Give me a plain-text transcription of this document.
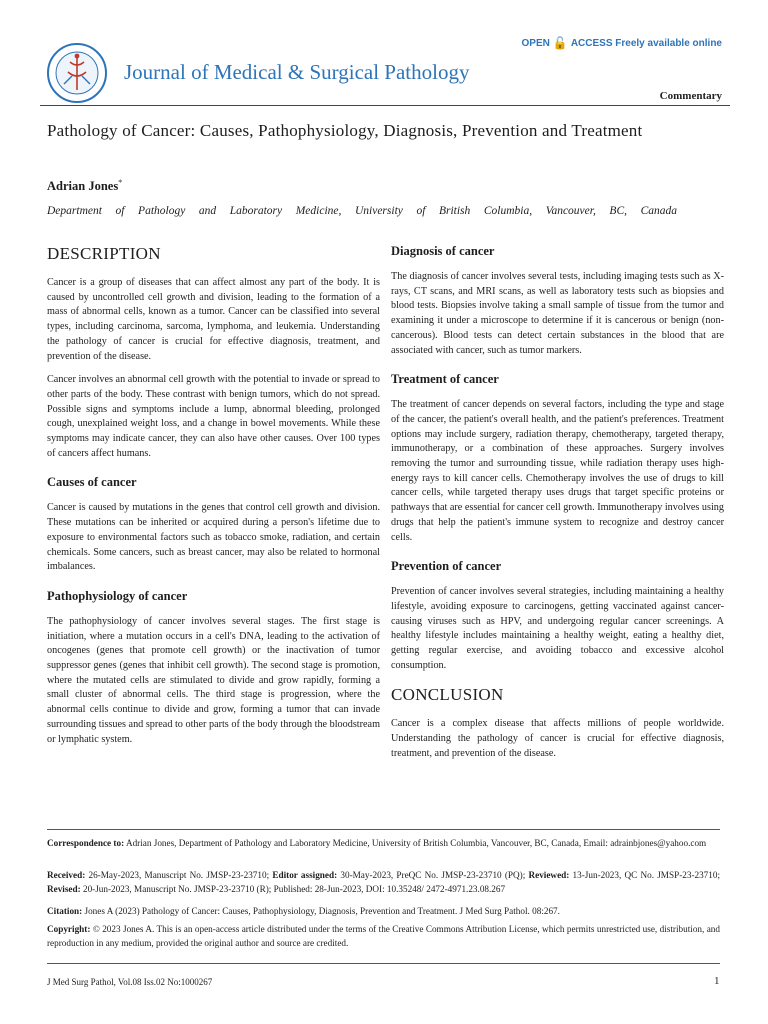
Journal of Medical & Surgical Pathology
OPEN 🔓 ACCESS Freely available online
Commentary
Pathology of Cancer: Causes, Pathophysiology, Diagnosis, Prevention and Treatment
Adrian Jones*
Department of Pathology and Laboratory Medicine, University of British Columbia, Vancouver, BC, Canada
DESCRIPTION

Cancer is a group of diseases that can affect almost any part of the body. It is caused by uncontrolled cell growth and division, leading to the formation of a mass of abnormal cells, known as a tumor. Cancer can be classified into several types, including carcinoma, sarcoma, lymphoma, and leukemia. Understanding the pathology of cancer is crucial for effective diagnosis, treatment, and prevention of the disease.

Cancer involves an abnormal cell growth with the potential to invade or spread to other parts of the body. These contrast with benign tumors, which do not spread. Possible signs and symptoms include a lump, abnormal bleeding, prolonged cough, unexplained weight loss, and a change in bowel movements. While these symptoms may indicate cancer, they can also have other causes. Over 100 types of cancers affect humans.

Causes of cancer

Cancer is caused by mutations in the genes that control cell growth and division. These mutations can be inherited or acquired during a person's lifetime due to exposure to environmental factors such as tobacco smoke, radiation, and certain chemicals. Some cancers, such as breast cancer, may also be related to hormonal imbalances.

Pathophysiology of cancer

The pathophysiology of cancer involves several stages. The first stage is initiation, where a mutation occurs in a cell's DNA, leading to the activation of oncogenes (genes that promote cell growth) or the inactivation of tumor suppressor genes (genes that inhibit cell growth). The second stage is promotion, where the mutated cells are stimulated to divide and grow rapidly, forming a small cluster of abnormal cells. The third stage is progression, where the abnormal cells continue to divide and grow, forming a tumor that can invade surrounding tissues and spread to other parts of the body through the bloodstream or lymphatic system.

Diagnosis of cancer

The diagnosis of cancer involves several tests, including imaging tests such as X-rays, CT scans, and MRI scans, as well as laboratory tests such as biopsies and blood tests. Biopsies involve taking a small sample of tissue from the tumor and examining it under a microscope to determine if it is cancerous or benign (non-cancerous). Blood tests can detect certain substances in the blood that are associated with cancer, such as tumor markers.

Treatment of cancer

The treatment of cancer depends on several factors, including the type and stage of the cancer, the patient's overall health, and the patient's preferences. Treatment options may include surgery, radiation therapy, chemotherapy, targeted therapy, immunotherapy, or a combination of these approaches. Surgery involves removing the tumor and surrounding tissue, while radiation therapy uses high-energy rays to kill cancer cells. Chemotherapy involves the use of drugs to kill cancer cells, while targeted therapy uses drugs that target specific proteins or pathways that are essential for cancer cell growth. Immunotherapy involves using drugs that help the patient's immune system to recognize and destroy cancer cells.

Prevention of cancer

Prevention of cancer involves several strategies, including maintaining a healthy lifestyle, avoiding exposure to carcinogens, getting vaccinated against cancer-causing viruses such as HPV, and undergoing regular cancer screenings. A healthy lifestyle includes maintaining a healthy weight, eating a healthy diet, getting regular exercise, and avoiding tobacco and excessive alcohol consumption.

CONCLUSION

Cancer is a complex disease that affects millions of people worldwide. Understanding the pathology of cancer is crucial for effective diagnosis, treatment, and prevention of the disease.

Correspondence to: Adrian Jones, Department of Pathology and Laboratory Medicine, University of British Columbia, Vancouver, BC, Canada, Email: adrainbjones@yahoo.com
Received: 26-May-2023, Manuscript No. JMSP-23-23710; Editor assigned: 30-May-2023, PreQC No. JMSP-23-23710 (PQ); Reviewed: 13-Jun-2023, QC No. JMSP-23-23710; Revised: 20-Jun-2023, Manuscript No. JMSP-23-23710 (R); Published: 28-Jun-2023, DOI: 10.35248/ 2472-4971.23.08.267
Citation: Jones A (2023) Pathology of Cancer: Causes, Pathophysiology, Diagnosis, Prevention and Treatment. J Med Surg Pathol. 08:267.
Copyright: © 2023 Jones A. This is an open-access article distributed under the terms of the Creative Commons Attribution License, which permits unrestricted use, distribution, and reproduction in any medium, provided the original author and source are credited.
J Med Surg Pathol, Vol.08 Iss.02 No:1000267	1
